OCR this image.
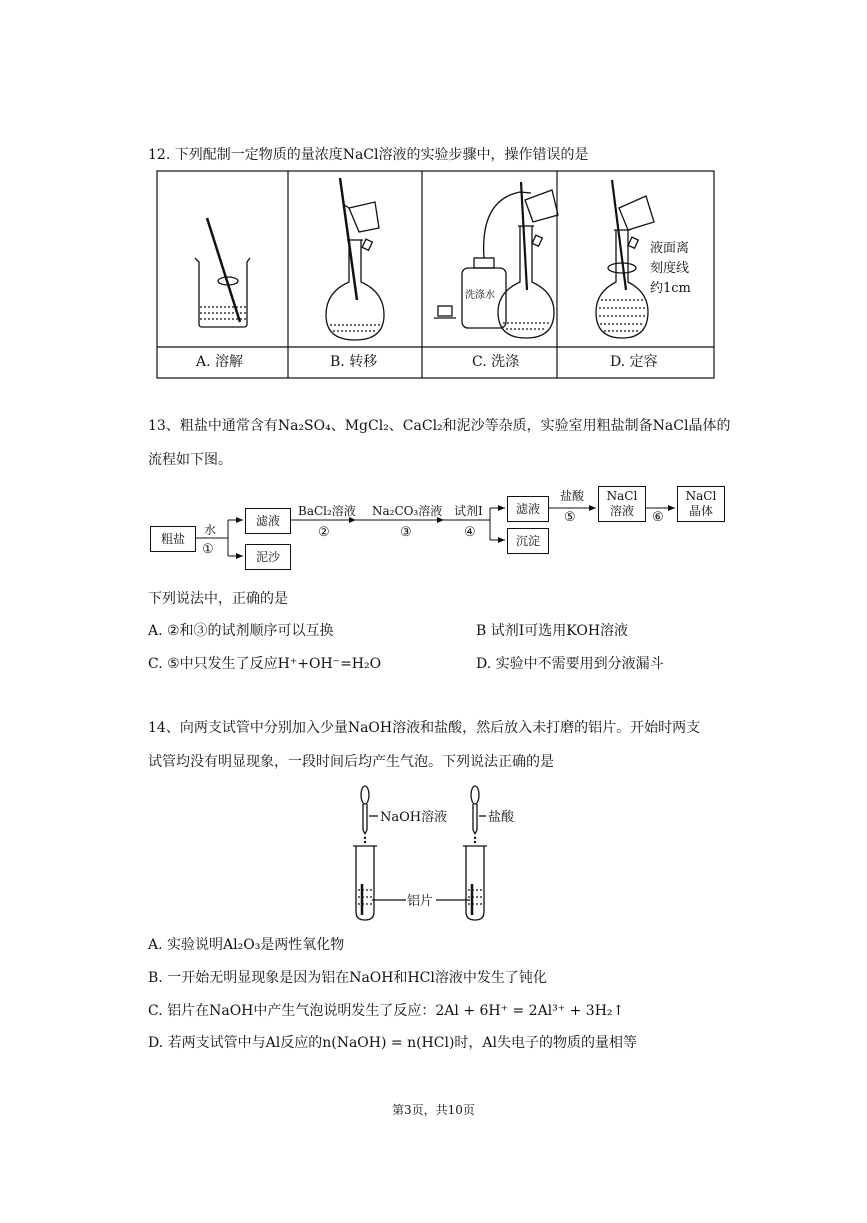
12. 下列配制一定物质的量浓度NaCl溶液的实验步骤中，操作错误的是
洗涤水
液面离
刻度线
约1cm
A. 溶解	B. 转移	C. 洗涤	D. 定容
13、粗盐中通常含有Na₂SO₄、MgCl₂、CaCl₂和泥沙等杂质，实验室用粗盐制备NaCl晶体的
流程如下图。
粗盐
水
①
滤液
泥沙
BaCl₂溶液
②
Na₂CO₃溶液
③
试剂I
④
滤液
沉淀
盐酸
⑤
NaCl
溶液	⑥
NaCl
晶体
下列说法中，正确的是
A. ②和③的试剂顺序可以互换	B 试剂I可选用KOH溶液
C. ⑤中只发生了反应H⁺+OH⁻=H₂O	D. 实验中不需要用到分液漏斗
14、向两支试管中分别加入少量NaOH溶液和盐酸，然后放入未打磨的铝片。开始时两支
试管均没有明显现象，一段时间后均产生气泡。下列说法正确的是
NaOH溶液	盐酸
铝片
A. 实验说明Al₂O₃是两性氧化物
B. 一开始无明显现象是因为铝在NaOH和HCl溶液中发生了钝化
C. 铝片在NaOH中产生气泡说明发生了反应：2Al + 6H⁺ = 2Al³⁺ + 3H₂↑
D. 若两支试管中与Al反应的n(NaOH) = n(HCl)时，Al失电子的物质的量相等
第3页，共10页
